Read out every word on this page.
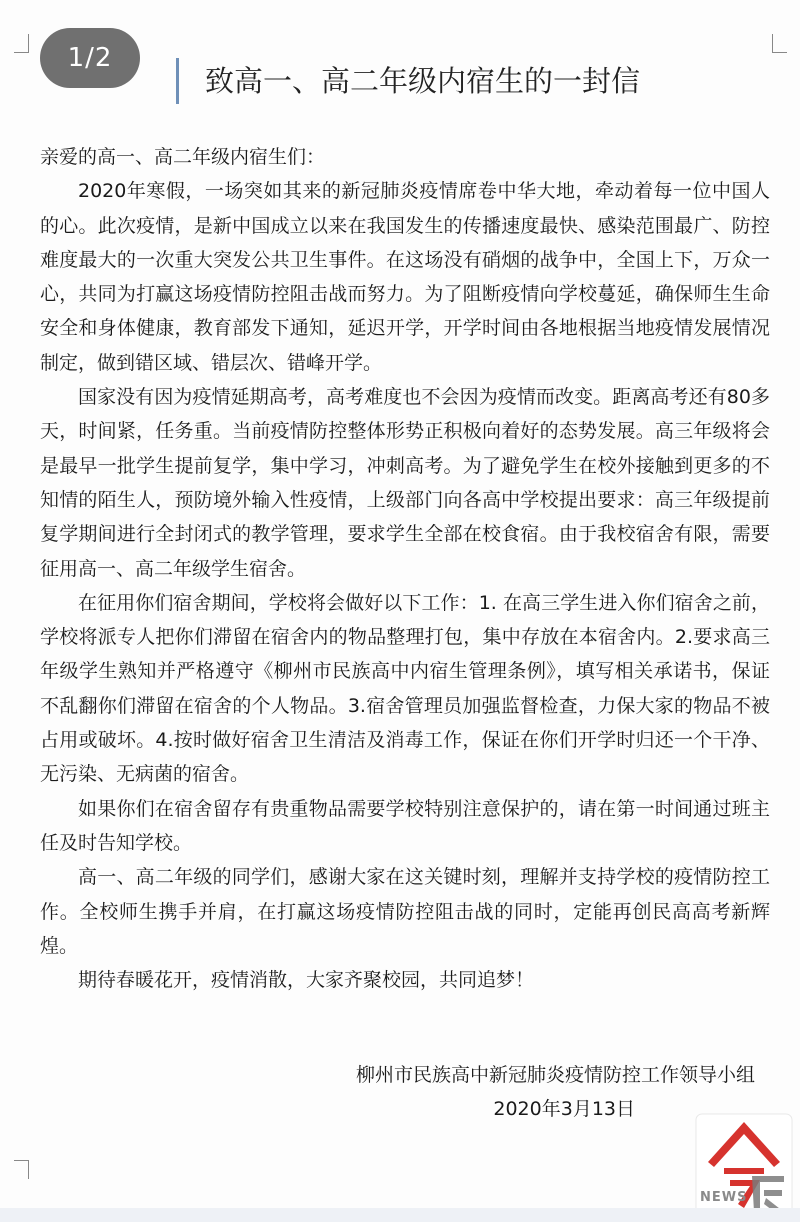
1/2
致高一、高二年级内宿生的一封信

亲爱的高一、高二年级内宿生们：

2020年寒假，一场突如其来的新冠肺炎疫情席卷中华大地，牵动着每一位中国人的心。此次疫情，是新中国成立以来在我国发生的传播速度最快、感染范围最广、防控难度最大的一次重大突发公共卫生事件。在这场没有硝烟的战争中，全国上下，万众一心，共同为打赢这场疫情防控阻击战而努力。为了阻断疫情向学校蔓延，确保师生生命安全和身体健康，教育部发下通知，延迟开学，开学时间由各地根据当地疫情发展情况制定，做到错区域、错层次、错峰开学。

国家没有因为疫情延期高考，高考难度也不会因为疫情而改变。距离高考还有80多天，时间紧，任务重。当前疫情防控整体形势正积极向着好的态势发展。高三年级将会是最早一批学生提前复学，集中学习，冲刺高考。为了避免学生在校外接触到更多的不知情的陌生人，预防境外输入性疫情，上级部门向各高中学校提出要求：高三年级提前复学期间进行全封闭式的教学管理，要求学生全部在校食宿。由于我校宿舍有限，需要征用高一、高二年级学生宿舍。

在征用你们宿舍期间，学校将会做好以下工作：1. 在高三学生进入你们宿舍之前，学校将派专人把你们滞留在宿舍内的物品整理打包，集中存放在本宿舍内。2.要求高三年级学生熟知并严格遵守《柳州市民族高中内宿生管理条例》，填写相关承诺书，保证不乱翻你们滞留在宿舍的个人物品。3.宿舍管理员加强监督检查，力保大家的物品不被占用或破坏。4.按时做好宿舍卫生清洁及消毒工作，保证在你们开学时归还一个干净、无污染、无病菌的宿舍。

如果你们在宿舍留存有贵重物品需要学校特别注意保护的，请在第一时间通过班主任及时告知学校。

高一、高二年级的同学们，感谢大家在这关键时刻，理解并支持学校的疫情防控工作。全校师生携手并肩，在打赢这场疫情防控阻击战的同时，定能再创民高高考新辉煌。

期待春暖花开，疫情消散，大家齐聚校园，共同追梦！

柳州市民族高中新冠肺炎疫情防控工作领导小组
2020年3月13日
NEWS
